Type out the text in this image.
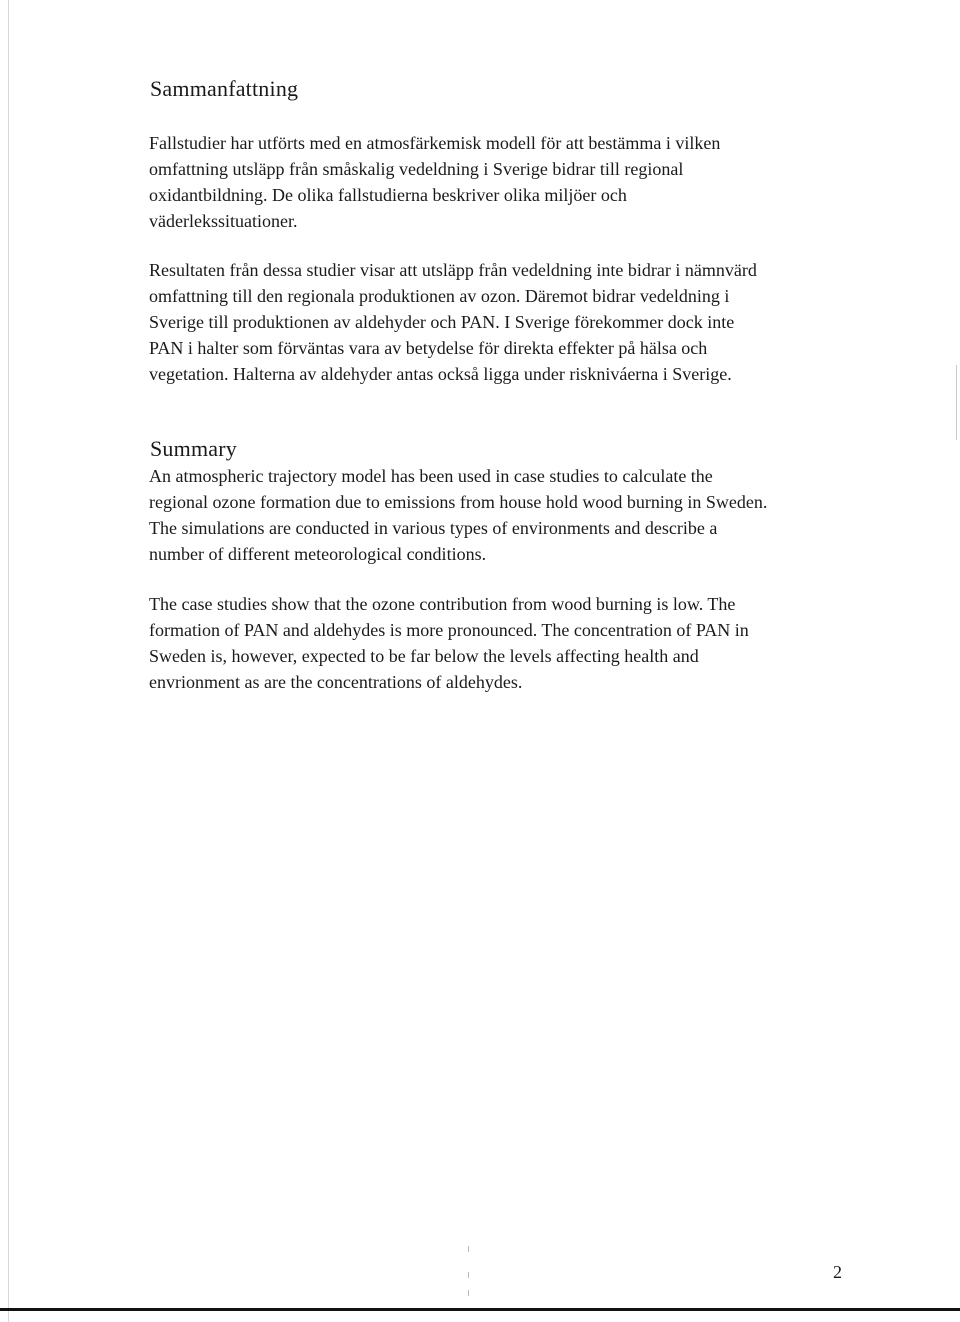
Sammanfattning
Fallstudier har utförts med en atmosfärkemisk modell för att bestämma i vilken
omfattning utsläpp från småskalig vedeldning i Sverige bidrar till regional
oxidantbildning. De olika fallstudierna beskriver olika miljöer och
väderlekssituationer.
Resultaten från dessa studier visar att utsläpp från vedeldning inte bidrar i nämnvärd
omfattning till den regionala produktionen av ozon. Däremot bidrar vedeldning i
Sverige till produktionen av aldehyder och PAN. I Sverige förekommer dock inte
PAN i halter som förväntas vara av betydelse för direkta effekter på hälsa och
vegetation. Halterna av aldehyder antas också ligga under riskniváerna i Sverige.
Summary
An atmospheric trajectory model has been used in case studies to calculate the
regional ozone formation due to emissions from house hold wood burning in Sweden.
The simulations are conducted in various types of environments and describe a
number of different meteorological conditions.
The case studies show that the ozone contribution from wood burning is low. The
formation of PAN and aldehydes is more pronounced. The concentration of PAN in
Sweden is, however, expected to be far below the levels affecting health and
envrionment as are the concentrations of aldehydes.
2
